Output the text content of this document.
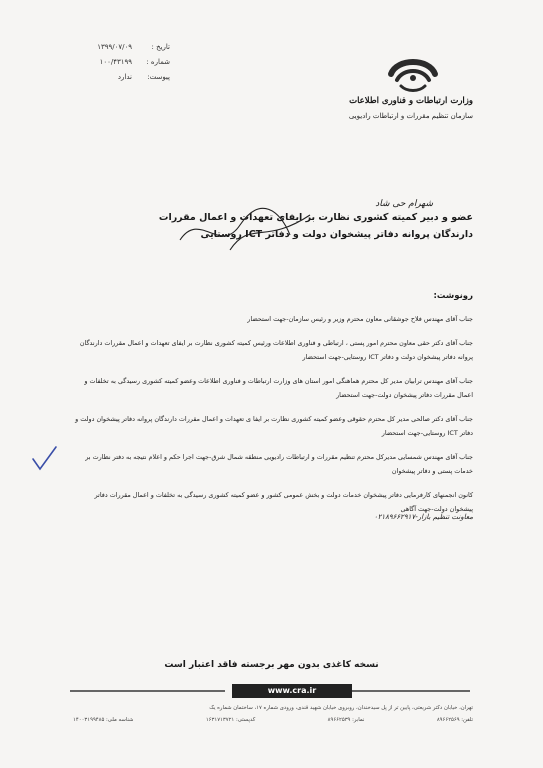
تاریخ :
۱۳۹۹/۰۷/۰۹
شماره :
۱۰۰/۴۳۱۹۹
پیوست:
ندارد
وزارت ارتباطات و فناوری اطلاعات
سازمان تنظیم مقررات و ارتباطات رادیویی
شهرام حی شاد
عضو و دبیر کمیته کشوری نظارت بر ایفای تعهدات و اعمال مقررات
دارندگان پروانه دفاتر پیشخوان دولت و دفاتر ICT روستایی
رونوشت:
جناب آقای مهندس فلاح جوشقانی معاون محترم وزیر و رئیس سازمان-جهت استحضار
جناب آقای دکتر حقی معاون محترم امور پستی ، ارتباطی و فناوری اطلاعات ورئیس کمیته کشوری نظارت بر ایفای تعهدات و اعمال مقررات دارندگان پروانه دفاتر پیشخوان دولت و دفاتر ICT روستایی-جهت استحضار
جناب آقای مهندس ترابیان مدیر کل محترم هماهنگی امور استان های وزارت ارتباطات و فناوری اطلاعات وعضو کمیته کشوری رسیدگی به تخلفات و اعمال مقررات دفاتر پیشخوان دولت-جهت استحضار
جناب آقای دکتر صالحی مدیر کل محترم حقوقی وعضو کمیته کشوری نظارت بر ایفا ی تعهدات و اعمال مقررات دارندگان پروانه دفاتر پیشخوان دولت و دفاتر ICT روستایی-جهت استحضار
جناب آقای مهندس شمسایی مدیرکل محترم تنظیم مقررات و ارتباطات رادیویی منطقه شمال شرق-جهت اجرا حکم و اعلام نتیجه به دفتر نظارت بر خدمات پستی و دفاتر پیشخوان
کانون انجمنهای کارفرمایی دفاتر پیشخوان خدمات دولت و بخش عمومی کشور و عضو کمیته کشوری رسیدگی به تخلفات و اعمال مقررات دفاتر پیشخوان دولت-جهت آگاهی
معاونت تنظیم بازار-۰۲۱۸۹۶۶۲۹۱۷
نسخه کاغذی بدون مهر برجسته فاقد اعتبار است
www.cra.ir
تهران، خیابان دکتر شریعتی، پایین تر از پل سیدخندان، روبروی خیابان شهید قندی، ورودی شماره ۱۷، ساختمان شماره یک
تلفن: ۸۹۶۶۲۵۶۹
نمابر: ۸۹۶۶۲۵۳۹
کدپستی: ۱۶۳۱۷۱۳۷۲۱
شناسه ملی: ۱۴۰۰۳۱۹۹۴۸۵
